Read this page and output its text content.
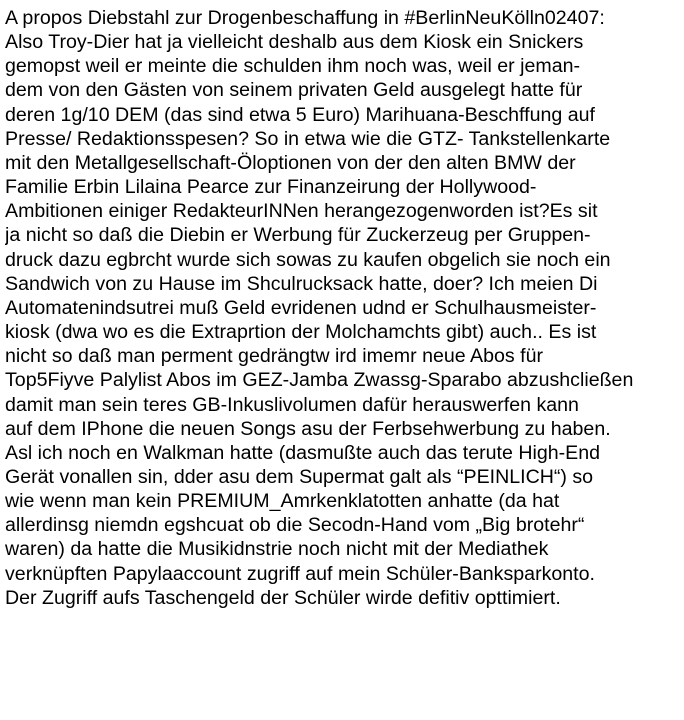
A propos Diebstahl zur Drogenbeschaffung in #BerlinNeuKölln02407:
Also Troy-Dier hat ja vielleicht deshalb aus dem Kiosk ein Snickers
gemopst weil er meinte die schulden ihm noch was, weil er jeman-
dem von den Gästen von seinem privaten Geld ausgelegt hatte für
deren 1g/10 DEM (das sind etwa 5 Euro) Marihuana-Beschffung auf
Presse/ Redaktionsspesen? So in etwa wie die GTZ- Tankstellenkarte
mit den Metallgesellschaft-Öloptionen von der den alten BMW der
Familie Erbin Lilaina Pearce zur Finanzeirung der Hollywood-
Ambitionen einiger RedakteurINNen herangezogenworden ist?Es sit
ja nicht so daß die Diebin er Werbung für Zuckerzeug per Gruppen-
druck dazu egbrcht wurde sich sowas zu kaufen obgelich sie noch ein
Sandwich von zu Hause im Shculrucksack hatte, doer? Ich meien Di
Automatenindsutrei muß Geld evridenen udnd er Schulhausmeister-
kiosk (dwa wo es die Extraprtion der Molchamchts gibt) auch.. Es ist
nicht so daß man perment gedrängtw ird imemr neue Abos für
Top5Fiyve Palylist Abos im GEZ-Jamba Zwassg-Sparabo abzushcließen
damit man sein teres GB-Inkuslivolumen dafür herauswerfen kann
auf dem IPhone die neuen Songs asu der Ferbsehwerbung zu haben.
Asl ich noch en Walkman hatte (dasmußte auch das terute High-End
Gerät vonallen sin, dder asu dem Supermat galt als “PEINLICH“) so
wie wenn man kein PREMIUM_Amrkenklatotten anhatte (da hat
allerdinsg niemdn egshcuat ob die Secodn-Hand vom „Big brotehr“
waren) da hatte die Musikidnstrie noch nicht mit der Mediathek
verknüpften Papylaaccount zugriff auf mein Schüler-Banksparkonto.
Der Zugriff aufs Taschengeld der Schüler wirde defitiv opttimiert.
